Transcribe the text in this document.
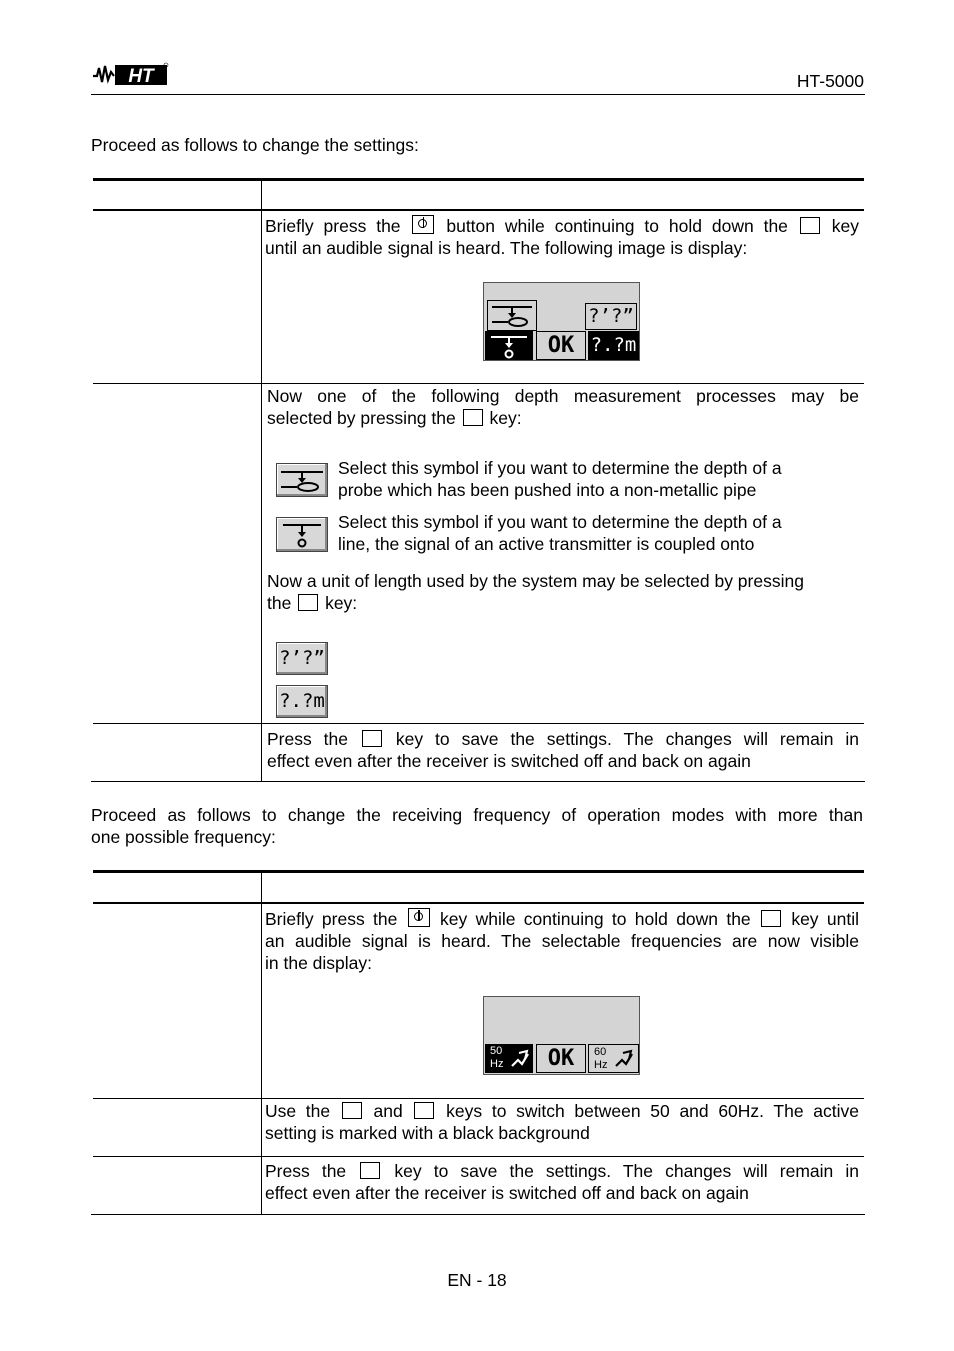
HT	HT-5000

Proceed as follows to change the settings:

Briefly press the	button while continuing to hold down the	key

until an audible signal is heard. The following image is display:

?’?”
OK ?.?m

Now one of the following depth measurement processes may be

selected by pressing the key:

Select this symbol if you want to determine the depth of a

probe which has been pushed into a non-metallic pipe

Select this symbol if you want to determine the depth of a

line, the signal of an active transmitter is coupled onto

Now a unit of length used by the system may be selected by pressing

the key:

?’?”
?.?m

Press the	key to save the settings. The changes will remain in

effect even after the receiver is switched off and back on again

Proceed as follows to change the receiving frequency of operation modes with more than

one possible frequency:

Briefly press the key while continuing to hold down the key until

an audible signal is heard. The selectable frequencies are now visible

in the display:

50
Hz	OK	60
Hz

Use the and keys to switch between 50 and 60Hz. The active

setting is marked with a black background

Press the	key to save the settings. The changes will remain in

effect even after the receiver is switched off and back on again

EN - 18
